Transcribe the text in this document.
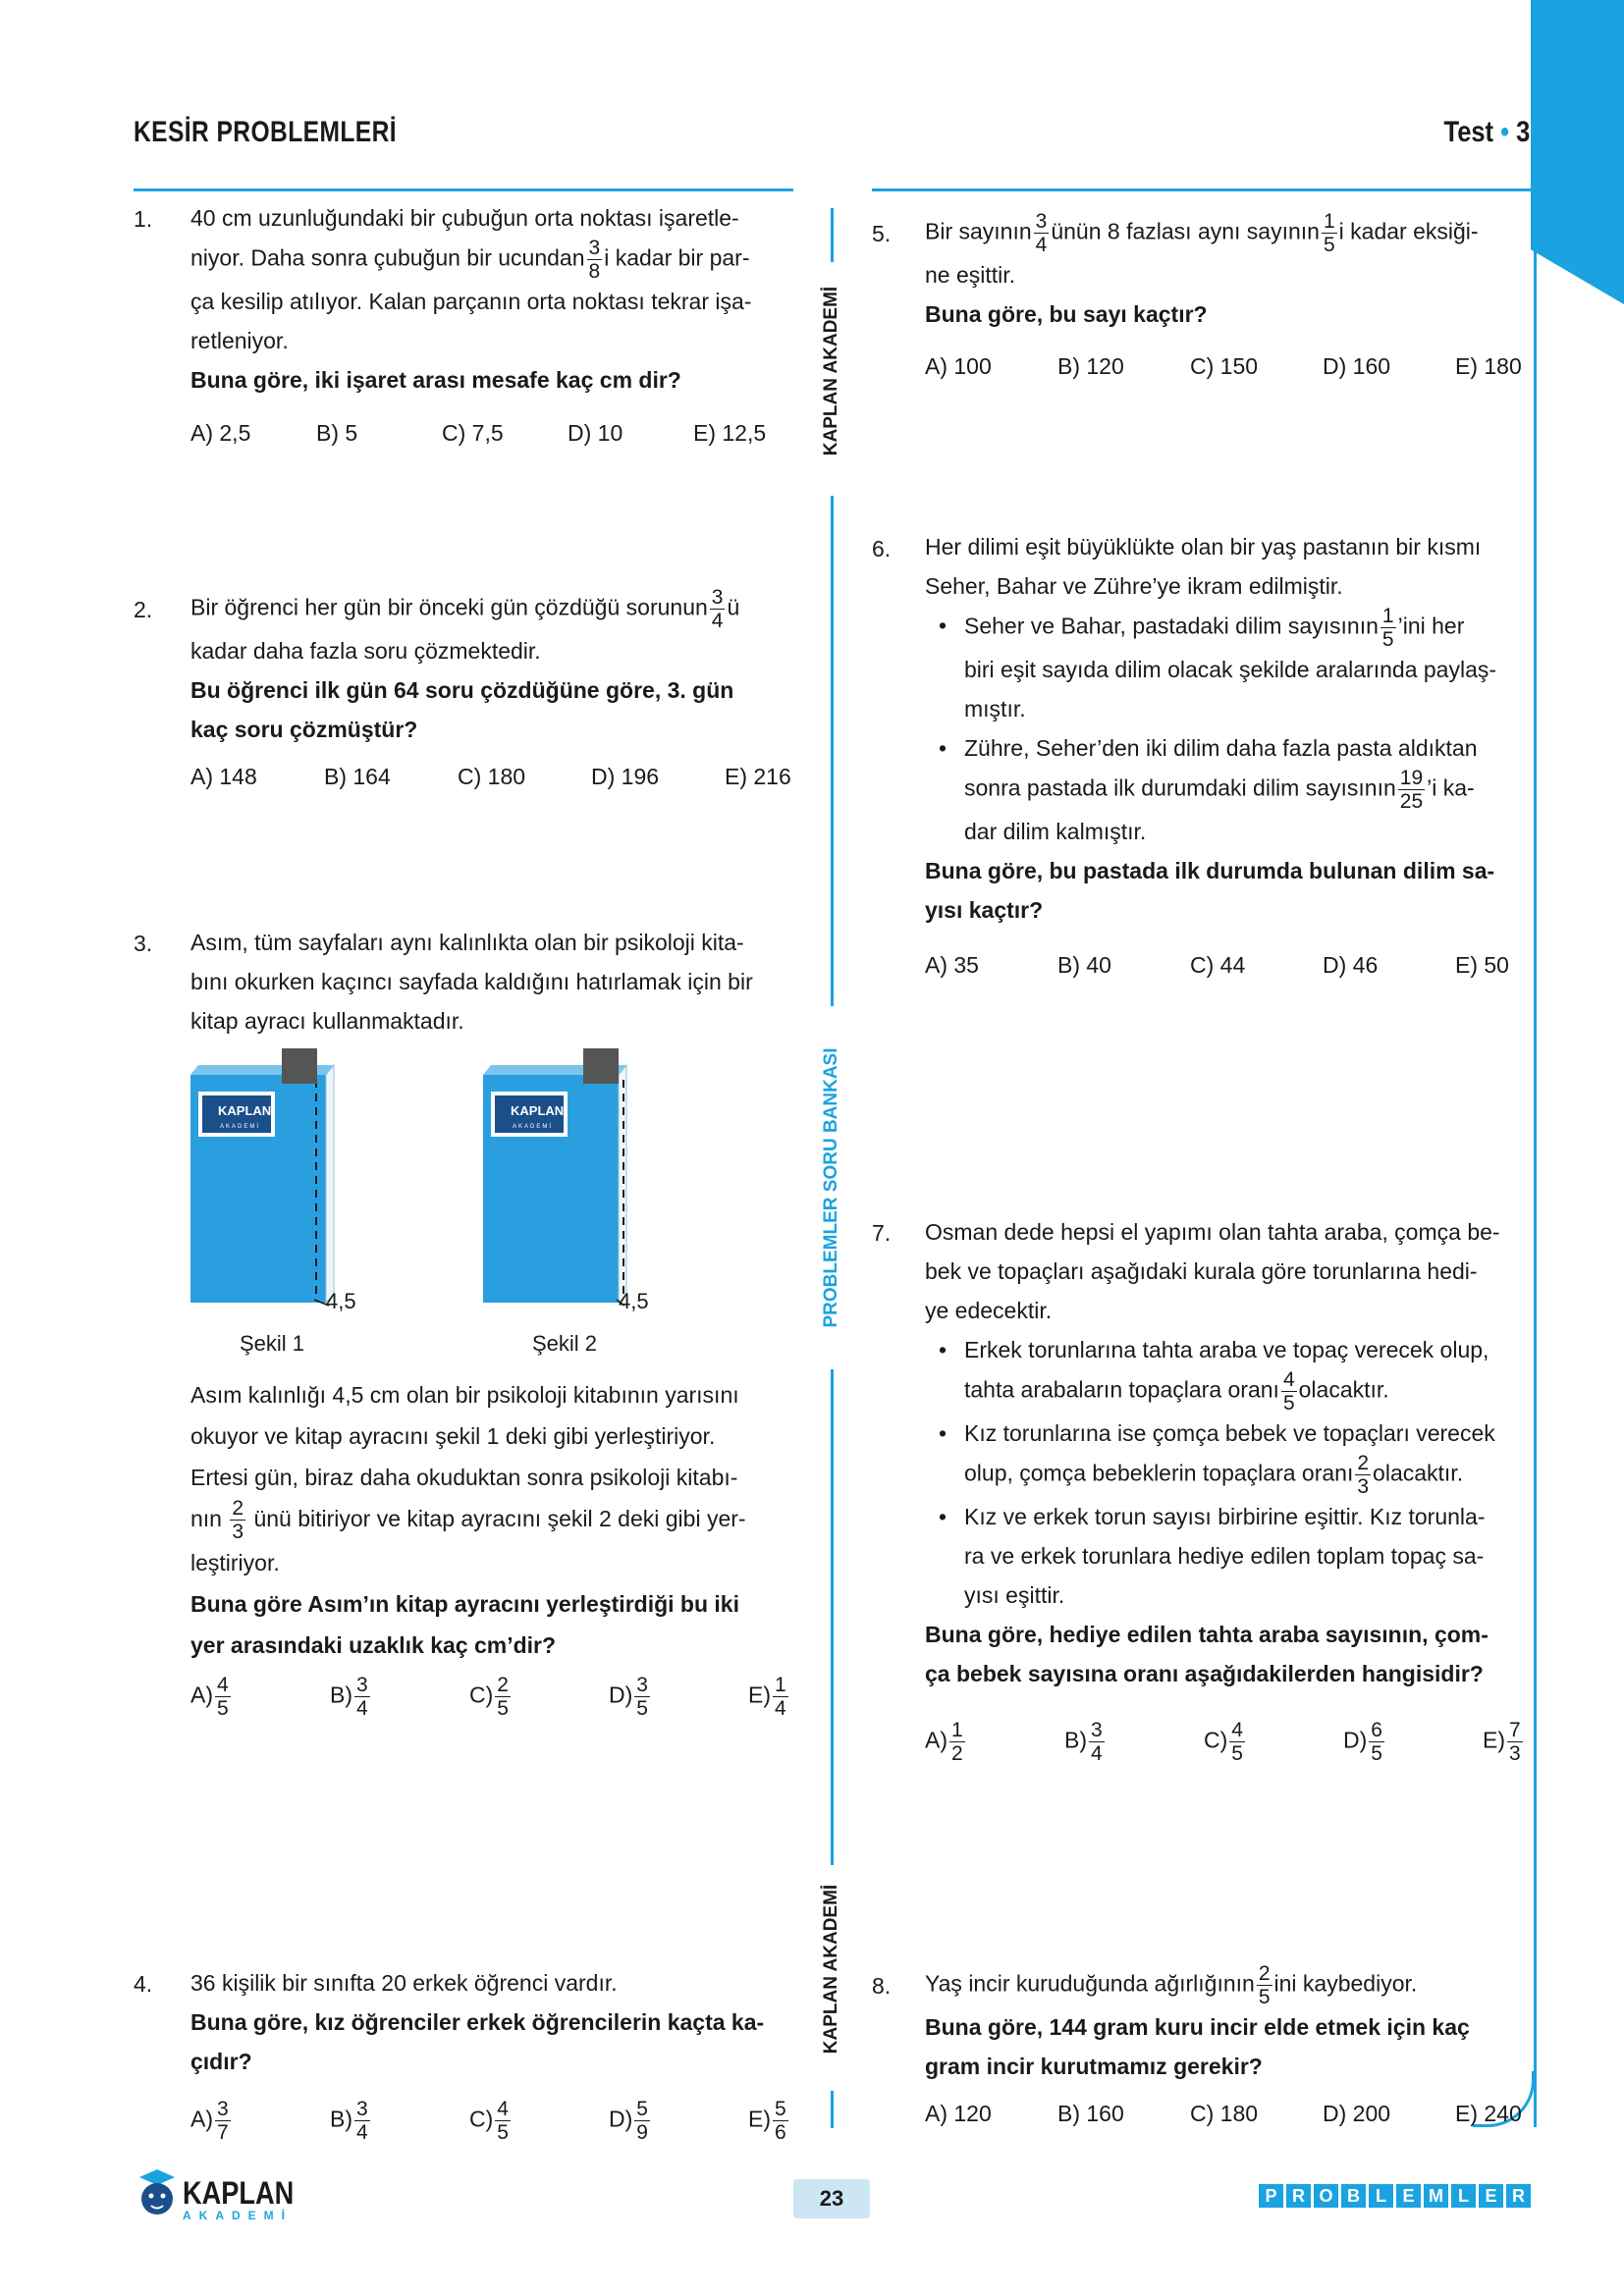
KESİR PROBLEMLERİ	Test • 3
KAPLAN AKADEMİ
PROBLEMLER SORU BANKASI
KAPLAN AKADEMİ
1. 40 cm uzunluğundaki bir çubuğun orta noktası işaretle-
niyor. Daha sonra çubuğun bir ucundan $\frac{3}{8}$ i kadar bir par-
ça kesilip atılıyor. Kalan parçanın orta noktası tekrar işa-
retleniyor.
Buna göre, iki işaret arası mesafe kaç cm dir?
A) 2,5	B) 5	C) 7,5	D) 10	E) 12,5
2. Bir öğrenci her gün bir önceki gün çözdüğü sorunun $\frac{3}{4}$ ü
kadar daha fazla soru çözmektedir.
Bu öğrenci ilk gün 64 soru çözdüğüne göre, 3. gün
kaç soru çözmüştür?
A) 148	B) 164	C) 180	D) 196	E) 216
3. Asım, tüm sayfaları aynı kalınlıkta olan bir psikoloji kita-
bını okurken kaçıncı sayfada kaldığını hatırlamak için bir
kitap ayracı kullanmaktadır.
KAPLAN
AKADEMİ
4,5
Şekil 1
KAPLAN
AKADEMİ
4,5
Şekil 2
Asım kalınlığı 4,5 cm olan bir psikoloji kitabının yarısını
okuyor ve kitap ayracını şekil 1 deki gibi yerleştiriyor.
Ertesi gün, biraz daha okuduktan sonra psikoloji kitabı-
nın $\frac{2}{3}$ ünü bitiriyor ve kitap ayracını şekil 2 deki gibi yer-
leştiriyor.
Buna göre Asım’ın kitap ayracını yerleştirdiği bu iki
yer arasındaki uzaklık kaç cm’dir?
$A) \frac{4}{5}$	$B) \frac{3}{4}$	$C) \frac{2}{5}$	$D) \frac{3}{5}$	$E) \frac{1}{4}$
4. 36 kişilik bir sınıfta 20 erkek öğrenci vardır.
Buna göre, kız öğrenciler erkek öğrencilerin kaçta ka-
çıdır?
$A) \frac{3}{7}$	$B) \frac{3}{4}$	$C) \frac{4}{5}$	$D) \frac{5}{9}$	$E) \frac{5}{6}$
5. Bir sayının $\frac{3}{4}$ ünün 8 fazlası aynı sayının $\frac{1}{5}$ i kadar eksiği-
ne eşittir.
Buna göre, bu sayı kaçtır?
A) 100	B) 120	C) 150	D) 160	E) 180
6. Her dilimi eşit büyüklükte olan bir yaş pastanın bir kısmı
Seher, Bahar ve Zühre’ye ikram edilmiştir.
• Seher ve Bahar, pastadaki dilim sayısının $\frac{1}{5}$ ’ini her
biri eşit sayıda dilim olacak şekilde aralarında paylaş-
mıştır.
• Zühre, Seher’den iki dilim daha fazla pasta aldıktan
sonra pastada ilk durumdaki dilim sayısının $\frac{19}{25}$ ’i ka-
dar dilim kalmıştır.
Buna göre, bu pastada ilk durumda bulunan dilim sa-
yısı kaçtır?
A) 35	B) 40	C) 44	D) 46	E) 50
7. Osman dede hepsi el yapımı olan tahta araba, çomça be-
bek ve topaçları aşağıdaki kurala göre torunlarına hedi-
ye edecektir.
• Erkek torunlarına tahta araba ve topaç verecek olup,
tahta arabaların topaçlara oranı $\frac{4}{5}$ olacaktır.
• Kız torunlarına ise çomça bebek ve topaçları verecek
olup, çomça bebeklerin topaçlara oranı $\frac{2}{3}$ olacaktır.
• Kız ve erkek torun sayısı birbirine eşittir. Kız torunla-
ra ve erkek torunlara hediye edilen toplam topaç sa-
yısı eşittir.
Buna göre, hediye edilen tahta araba sayısının, çom-
ça bebek sayısına oranı aşağıdakilerden hangisidir?
$A) \frac{1}{2}$	$B) \frac{3}{4}$	$C) \frac{4}{5}$	$D) \frac{6}{5}$	$E) \frac{7}{3}$
8. Yaş incir kuruduğunda ağırlığının $\frac{2}{5}$ ini kaybediyor.
Buna göre, 144 gram kuru incir elde etmek için kaç
gram incir kurutmamız gerekir?
A) 120	B) 160	C) 180	D) 200	E) 240
KAPLAN
AKADEMİ
23	P R O B L E M L E R
